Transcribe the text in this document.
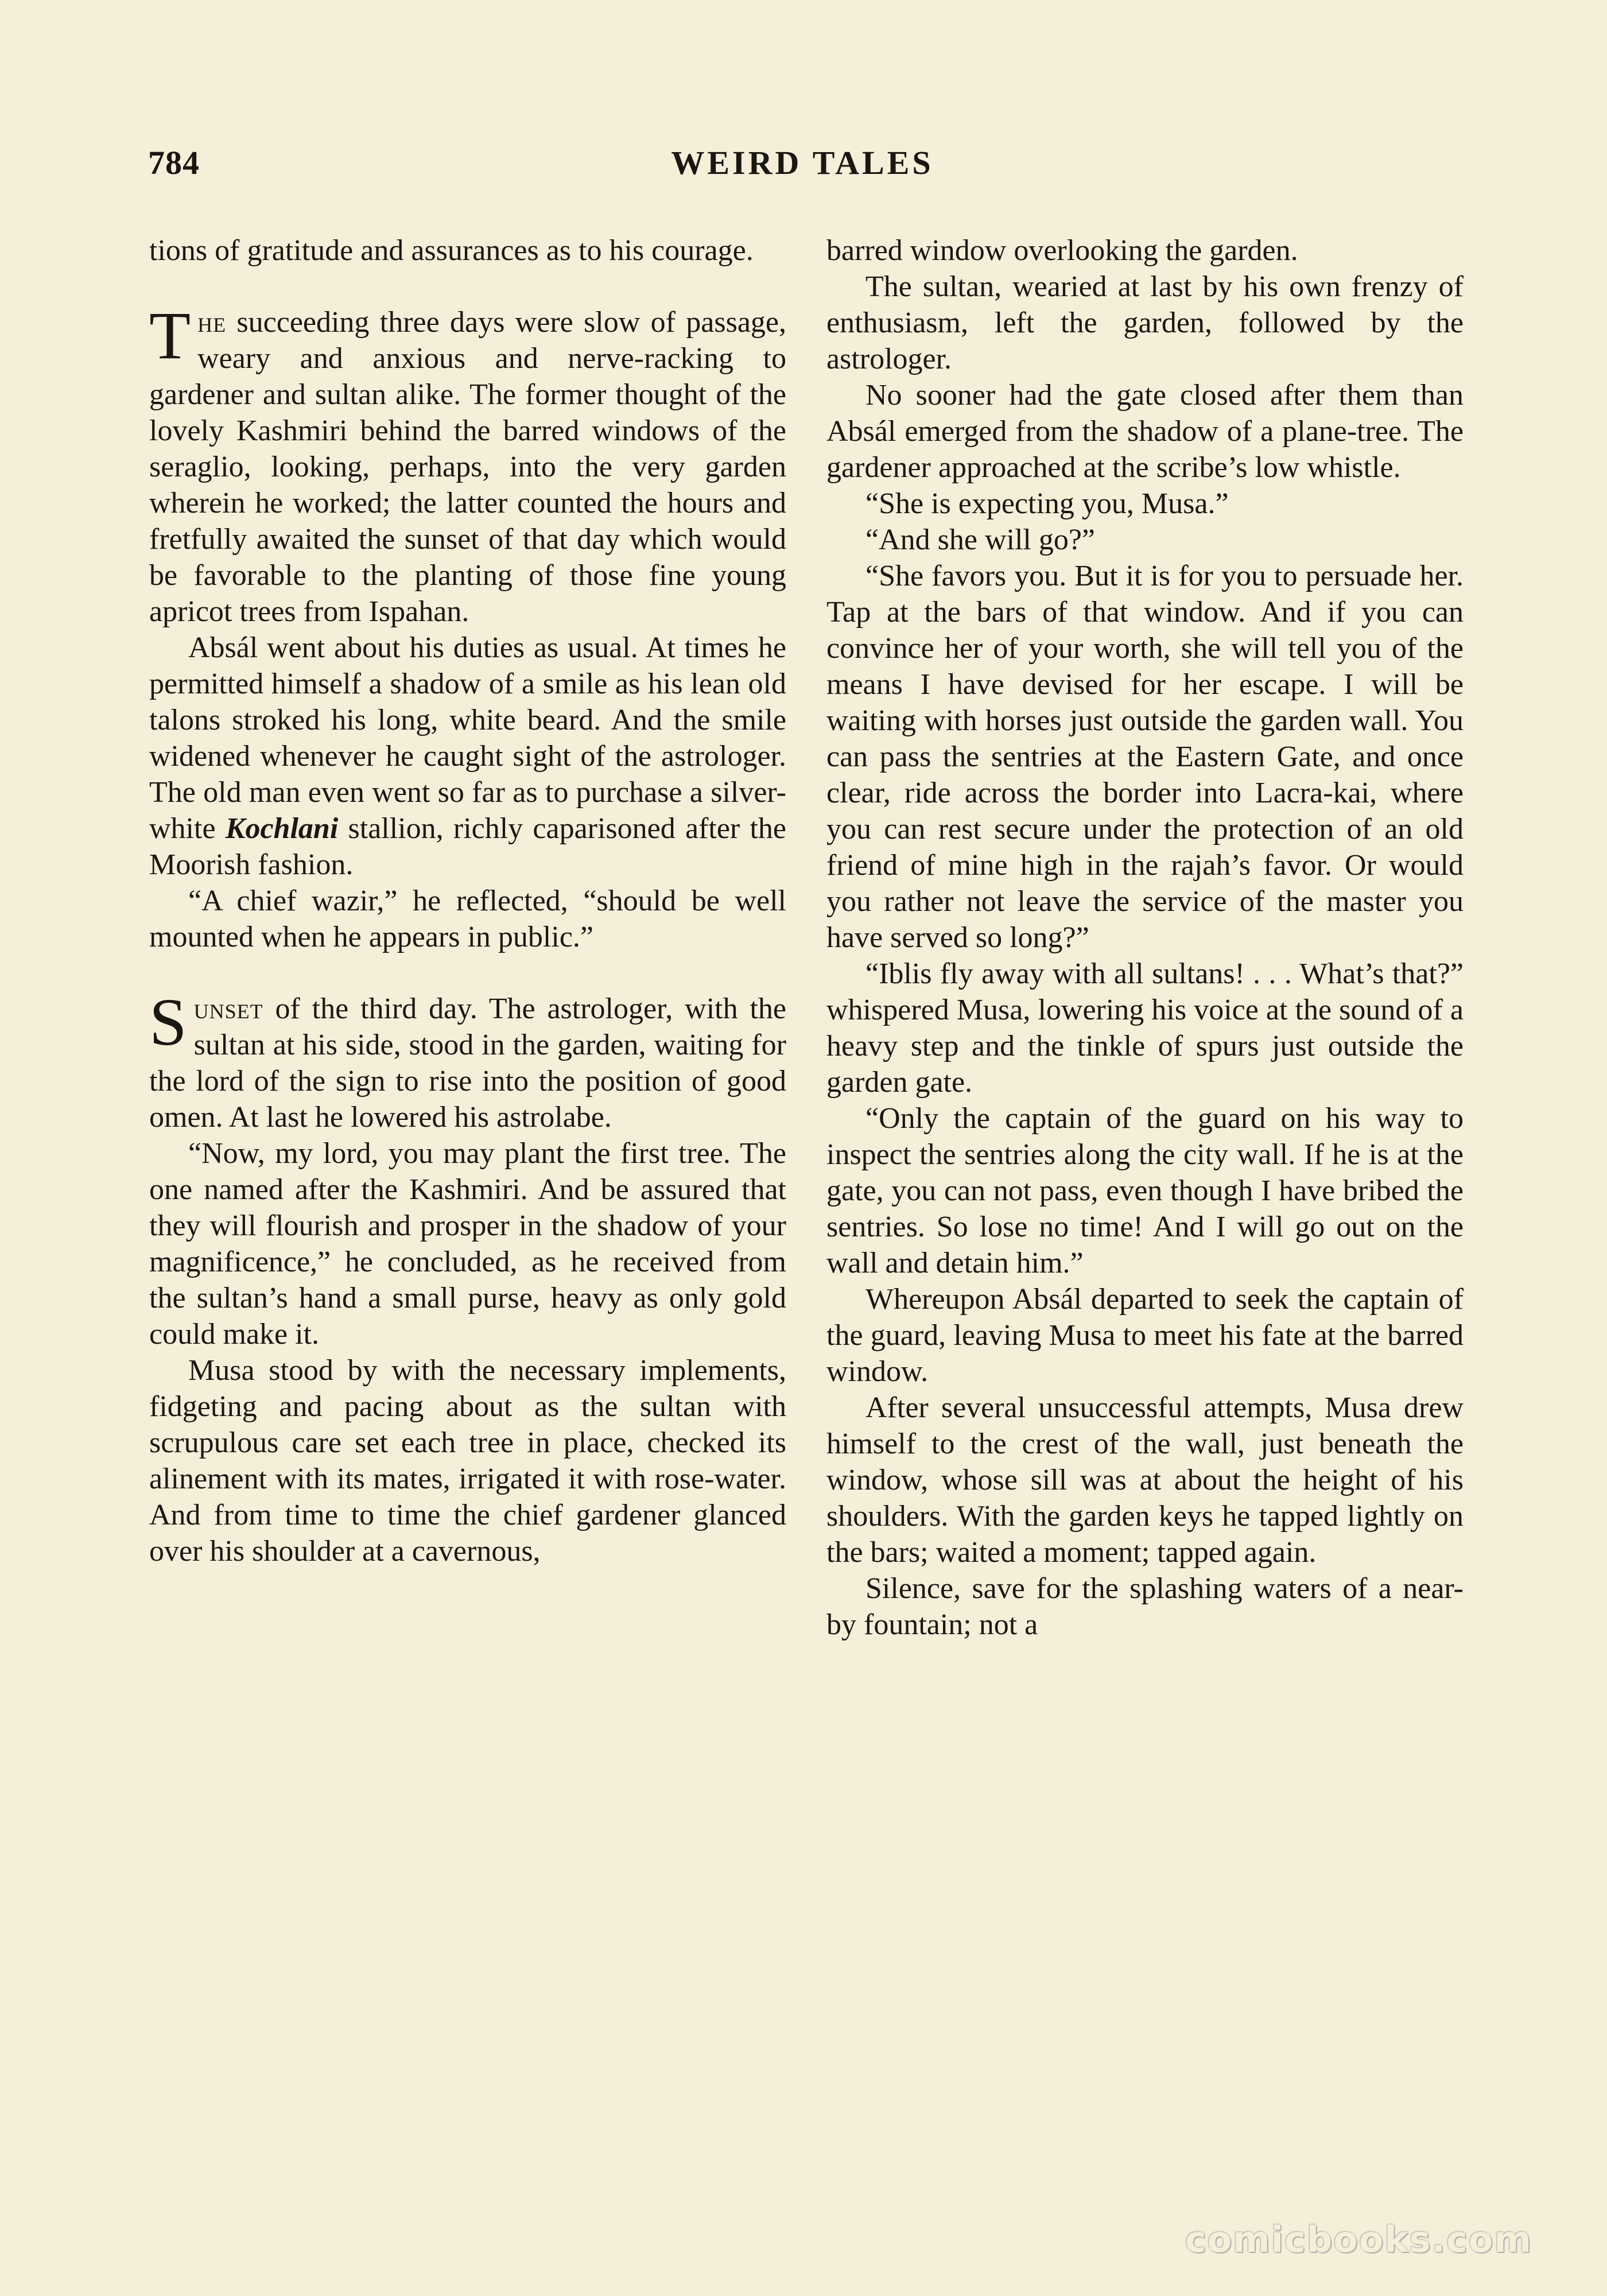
784	WEIRD TALES

tions of gratitude and assurances as to his courage.

The succeeding three days were slow of passage, weary and anxious and nerve-racking to gardener and sultan alike. The former thought of the lovely Kashmiri behind the barred windows of the seraglio, looking, perhaps, into the very garden wherein he worked; the latter counted the hours and fretfully awaited the sunset of that day which would be favorable to the planting of those fine young apricot trees from Ispahan.

Absál went about his duties as usual. At times he permitted himself a shadow of a smile as his lean old talons stroked his long, white beard. And the smile widened whenever he caught sight of the astrologer. The old man even went so far as to purchase a silver-white Kochlani stallion, richly caparisoned after the Moorish fashion.

“A chief wazir,” he reflected, “should be well mounted when he appears in public.”

Sunset of the third day. The astrologer, with the sultan at his side, stood in the garden, waiting for the lord of the sign to rise into the position of good omen. At last he lowered his astrolabe.

“Now, my lord, you may plant the first tree. The one named after the Kashmiri. And be assured that they will flourish and prosper in the shadow of your magnificence,” he concluded, as he received from the sultan’s hand a small purse, heavy as only gold could make it.

Musa stood by with the necessary implements, fidgeting and pacing about as the sultan with scrupulous care set each tree in place, checked its alinement with its mates, irrigated it with rose-water. And from time to time the chief gardener glanced over his shoulder at a cavernous,

barred window overlooking the garden.

The sultan, wearied at last by his own frenzy of enthusiasm, left the garden, followed by the astrologer.

No sooner had the gate closed after them than Absál emerged from the shadow of a plane-tree. The gardener approached at the scribe’s low whistle.

“She is expecting you, Musa.”

“And she will go?”

“She favors you. But it is for you to persuade her. Tap at the bars of that window. And if you can convince her of your worth, she will tell you of the means I have devised for her escape. I will be waiting with horses just outside the garden wall. You can pass the sentries at the Eastern Gate, and once clear, ride across the border into Lacra-kai, where you can rest secure under the protection of an old friend of mine high in the rajah’s favor. Or would you rather not leave the service of the master you have served so long?”

“Iblis fly away with all sultans! . . . What’s that?” whispered Musa, lowering his voice at the sound of a heavy step and the tinkle of spurs just outside the garden gate.

“Only the captain of the guard on his way to inspect the sentries along the city wall. If he is at the gate, you can not pass, even though I have bribed the sentries. So lose no time! And I will go out on the wall and detain him.”

Whereupon Absál departed to seek the captain of the guard, leaving Musa to meet his fate at the barred window.

After several unsuccessful attempts, Musa drew himself to the crest of the wall, just beneath the window, whose sill was at about the height of his shoulders. With the garden keys he tapped lightly on the bars; waited a moment; tapped again.

Silence, save for the splashing waters of a near-by fountain; not a

comicbooks.com
